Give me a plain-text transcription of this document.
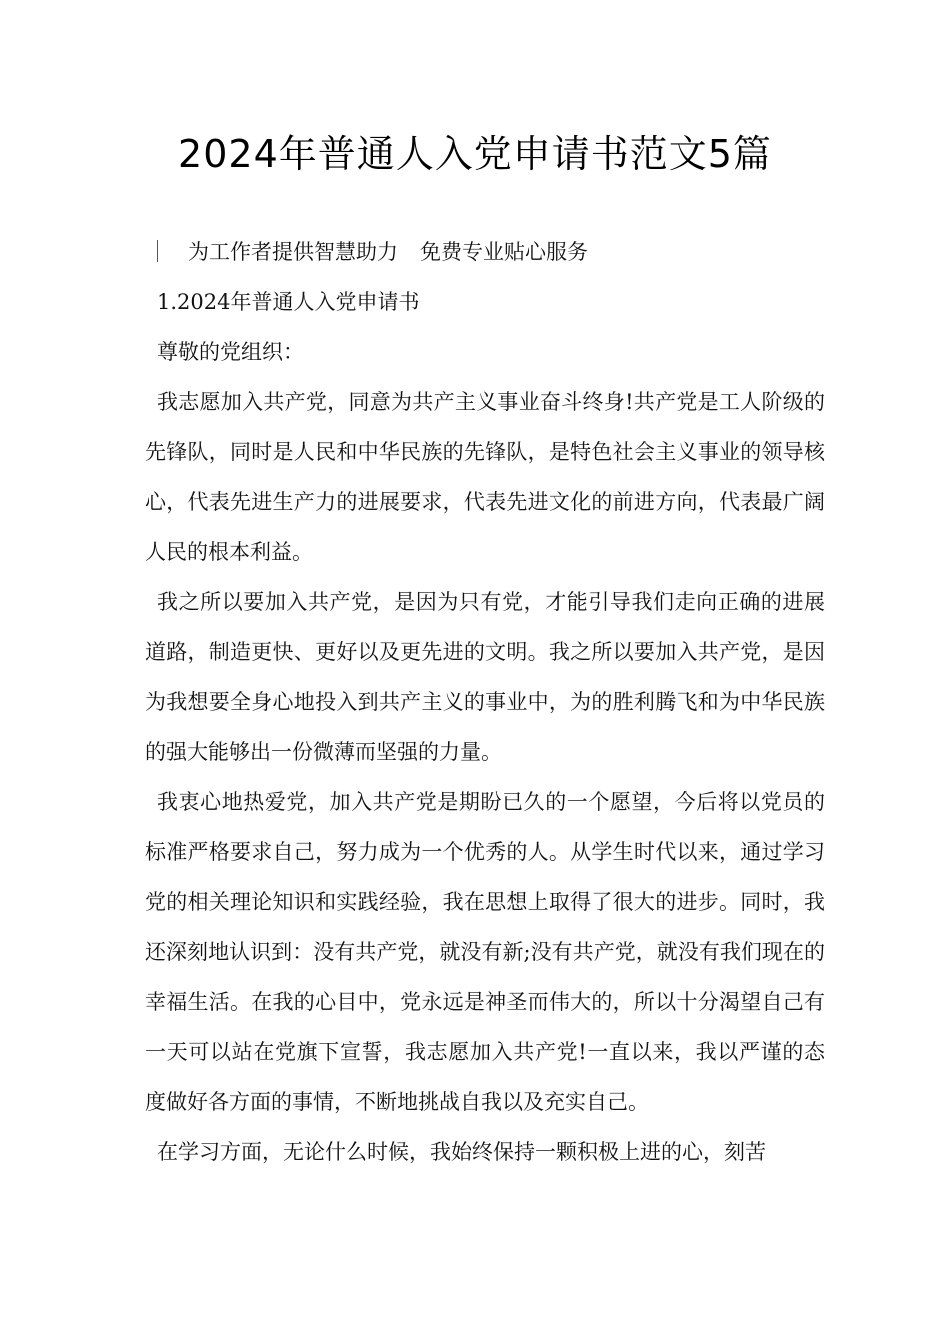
2024年普通人入党申请书范文5篇
为工作者提供智慧助力 免费专业贴心服务

1.2024年普通人入党申请书

尊敬的党组织：

我志愿加入共产党，同意为共产主义事业奋斗终身!共产党是工人阶级的先锋队，同时是人民和中华民族的先锋队，是特色社会主义事业的领导核心，代表先进生产力的进展要求，代表先进文化的前进方向，代表最广阔人民的根本利益。

我之所以要加入共产党，是因为只有党，才能引导我们走向正确的进展道路，制造更快、更好以及更先进的文明。我之所以要加入共产党，是因为我想要全身心地投入到共产主义的事业中，为的胜利腾飞和为中华民族的强大能够出一份微薄而坚强的力量。

我衷心地热爱党，加入共产党是期盼已久的一个愿望，今后将以党员的标准严格要求自己，努力成为一个优秀的人。从学生时代以来，通过学习党的相关理论知识和实践经验，我在思想上取得了很大的进步。同时，我还深刻地认识到：没有共产党，就没有新;没有共产党，就没有我们现在的幸福生活。在我的心目中，党永远是神圣而伟大的，所以十分渴望自己有一天可以站在党旗下宣誓，我志愿加入共产党!一直以来，我以严谨的态度做好各方面的事情，不断地挑战自我以及充实自己。

在学习方面，无论什么时候，我始终保持一颗积极上进的心，刻苦
